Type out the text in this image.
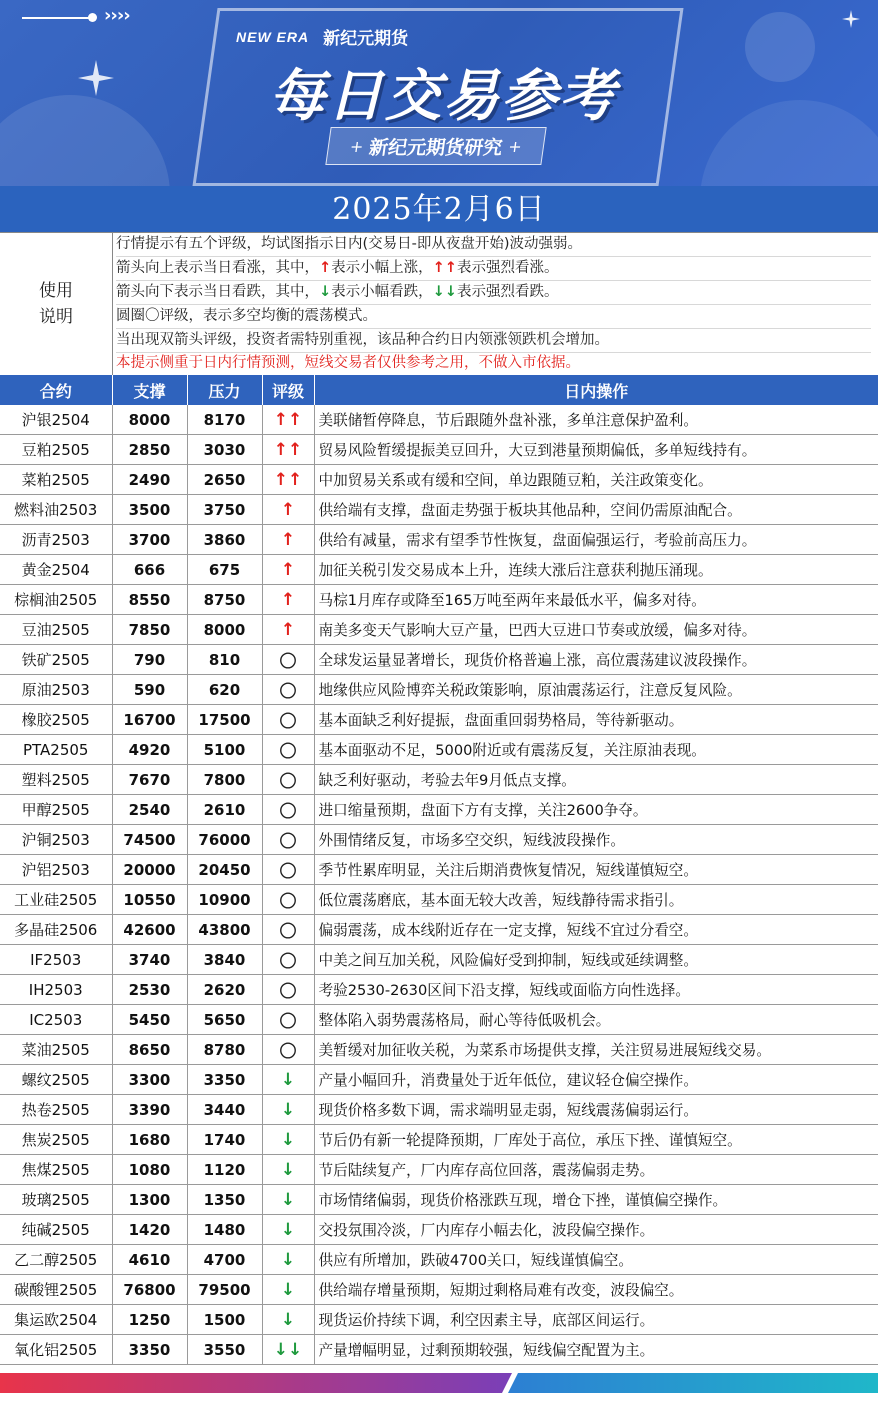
››››
NEW ERA 新纪元期货
每日交易参考
+ 新纪元期货研究 +
2025年2月6日
使用
说明
行情提示有五个评级，均试图指示日内(交易日-即从夜盘开始)波动强弱。
箭头向上表示当日看涨，其中，↑表示小幅上涨，↑↑表示强烈看涨。
箭头向下表示当日看跌，其中，↓表示小幅看跌，↓↓表示强烈看跌。
圆圈〇评级，表示多空均衡的震荡模式。
当出现双箭头评级，投资者需特别重视，该品种合约日内领涨领跌机会增加。
本提示侧重于日内行情预测，短线交易者仅供参考之用，不做入市依据。
合约	支撑	压力	评级	日内操作
沪银2504	8000	8170	↑↑	美联储暂停降息，节后跟随外盘补涨，多单注意保护盈利。
豆粕2505	2850	3030	↑↑	贸易风险暂缓提振美豆回升，大豆到港量预期偏低，多单短线持有。
菜粕2505	2490	2650	↑↑	中加贸易关系或有缓和空间，单边跟随豆粕，关注政策变化。
燃料油2503	3500	3750	↑	供给端有支撑，盘面走势强于板块其他品种，空间仍需原油配合。
沥青2503	3700	3860	↑	供给有减量，需求有望季节性恢复，盘面偏强运行，考验前高压力。
黄金2504	666	675	↑	加征关税引发交易成本上升，连续大涨后注意获利抛压涌现。
棕榈油2505	8550	8750	↑	马棕1月库存或降至165万吨至两年来最低水平，偏多对待。
豆油2505	7850	8000	↑	南美多变天气影响大豆产量，巴西大豆进口节奏或放缓，偏多对待。
铁矿2505	790	810	〇	全球发运量显著增长，现货价格普遍上涨，高位震荡建议波段操作。
原油2503	590	620	〇	地缘供应风险博弈关税政策影响，原油震荡运行，注意反复风险。
橡胶2505	16700	17500	〇	基本面缺乏利好提振，盘面重回弱势格局，等待新驱动。
PTA2505	4920	5100	〇	基本面驱动不足，5000附近或有震荡反复，关注原油表现。
塑料2505	7670	7800	〇	缺乏利好驱动，考验去年9月低点支撑。
甲醇2505	2540	2610	〇	进口缩量预期，盘面下方有支撑，关注2600争夺。
沪铜2503	74500	76000	〇	外围情绪反复，市场多空交织，短线波段操作。
沪铝2503	20000	20450	〇	季节性累库明显，关注后期消费恢复情况，短线谨慎短空。
工业硅2505	10550	10900	〇	低位震荡磨底，基本面无较大改善，短线静待需求指引。
多晶硅2506	42600	43800	〇	偏弱震荡，成本线附近存在一定支撑，短线不宜过分看空。
IF2503	3740	3840	〇	中美之间互加关税，风险偏好受到抑制，短线或延续调整。
IH2503	2530	2620	〇	考验2530-2630区间下沿支撑，短线或面临方向性选择。
IC2503	5450	5650	〇	整体陷入弱势震荡格局，耐心等待低吸机会。
菜油2505	8650	8780	〇	美暂缓对加征收关税，为菜系市场提供支撑，关注贸易进展短线交易。
螺纹2505	3300	3350	↓	产量小幅回升，消费量处于近年低位，建议轻仓偏空操作。
热卷2505	3390	3440	↓	现货价格多数下调，需求端明显走弱，短线震荡偏弱运行。
焦炭2505	1680	1740	↓	节后仍有新一轮提降预期，厂库处于高位，承压下挫、谨慎短空。
焦煤2505	1080	1120	↓	节后陆续复产，厂内库存高位回落，震荡偏弱走势。
玻璃2505	1300	1350	↓	市场情绪偏弱，现货价格涨跌互现，增仓下挫，谨慎偏空操作。
纯碱2505	1420	1480	↓	交投氛围冷淡，厂内库存小幅去化，波段偏空操作。
乙二醇2505	4610	4700	↓	供应有所增加，跌破4700关口，短线谨慎偏空。
碳酸锂2505	76800	79500	↓	供给端存增量预期，短期过剩格局难有改变，波段偏空。
集运欧2504	1250	1500	↓	现货运价持续下调，利空因素主导，底部区间运行。
氧化铝2505	3350	3550	↓↓	产量增幅明显，过剩预期较强，短线偏空配置为主。
